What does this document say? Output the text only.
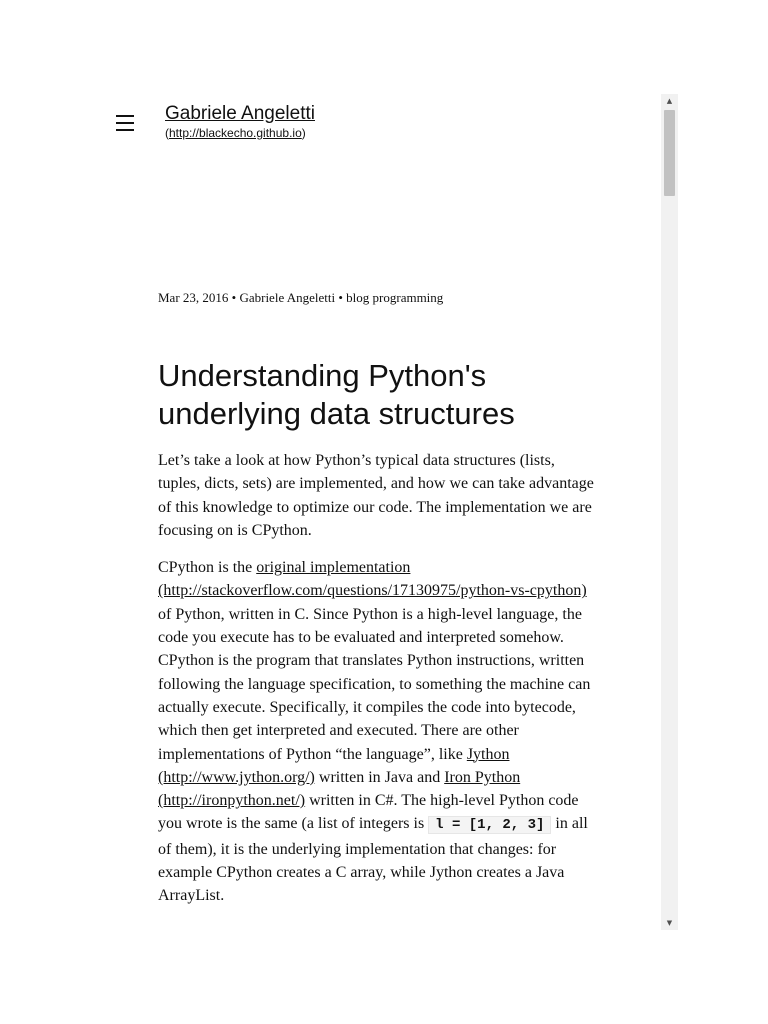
Gabriele Angeletti
(http://blackecho.github.io)
Mar 23, 2016 • Gabriele Angeletti • blog programming
Understanding Python's underlying data structures

Let’s take a look at how Python’s typical data structures (lists, tuples, dicts, sets) are implemented, and how we can take advantage of this knowledge to optimize our code. The implementation we are focusing on is CPython.

CPython is the original implementation (http://stackoverflow.com/questions/17130975/python-vs-cpython) of Python, written in C. Since Python is a high-level language, the code you execute has to be evaluated and interpreted somehow. CPython is the program that translates Python instructions, written following the language specification, to something the machine can actually execute. Specifically, it compiles the code into bytecode, which then get interpreted and executed. There are other implementations of Python “the language”, like Jython (http://www.jython.org/) written in Java and Iron Python (http://ironpython.net/) written in C#. The high-level Python code you wrote is the same (a list of integers is l = [1, 2, 3] in all of them), it is the underlying implementation that changes: for example CPython creates a C array, while Jython creates a Java ArrayList.

▲
▼
